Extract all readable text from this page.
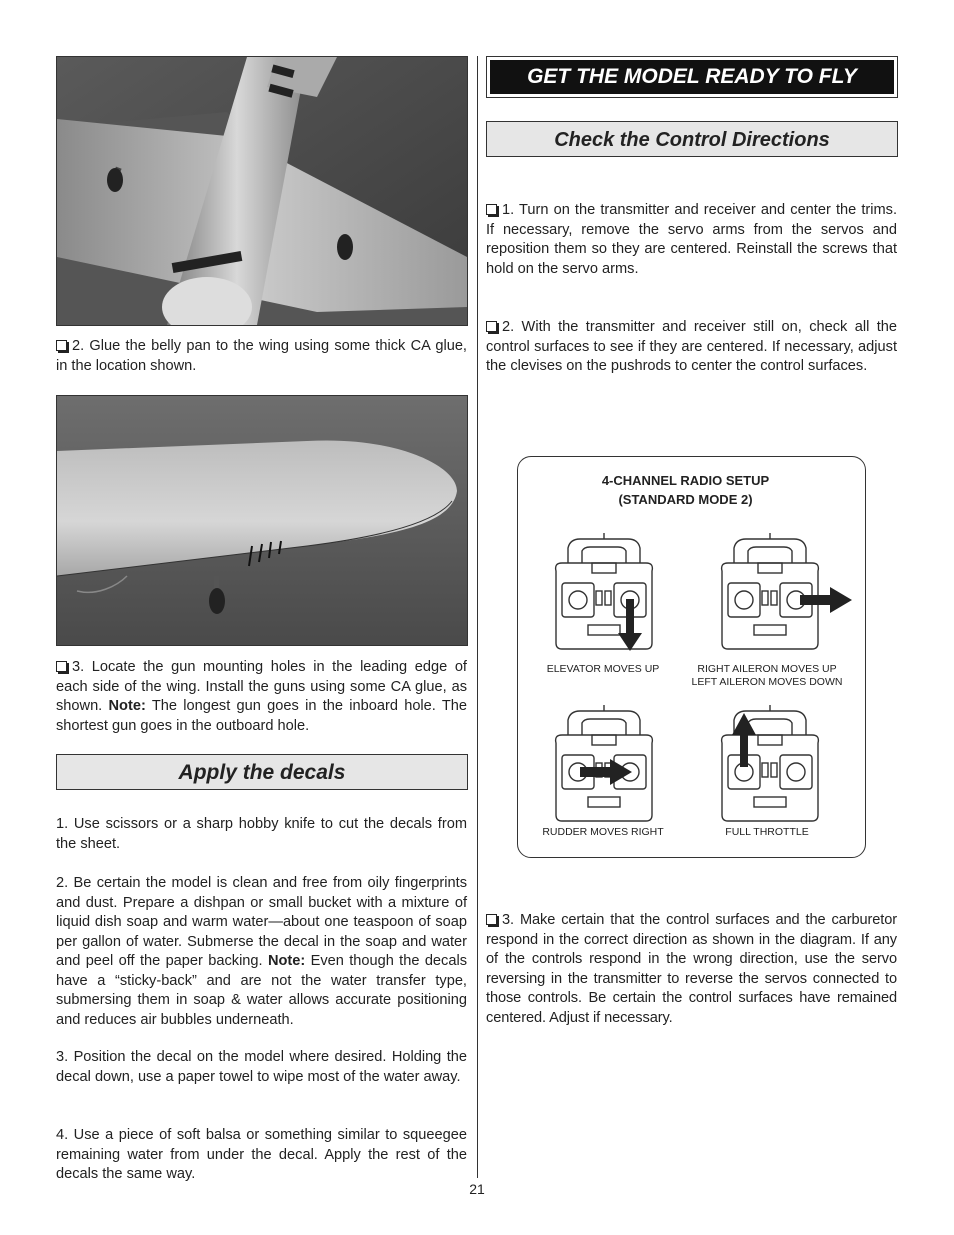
2. Glue the belly pan to the wing using some thick CA glue, in the location shown.

3. Locate the gun mounting holes in the leading edge of each side of the wing. Install the guns using some CA glue, as shown. Note: The longest gun goes in the inboard hole. The shortest gun goes in the outboard hole.

Apply the decals

1. Use scissors or a sharp hobby knife to cut the decals from the sheet.

2. Be certain the model is clean and free from oily fingerprints and dust. Prepare a dishpan or small bucket with a mixture of liquid dish soap and warm water—about one teaspoon of soap per gallon of water. Submerse the decal in the soap and water and peel off the paper backing. Note: Even though the decals have a “sticky-back” and are not the water transfer type, submersing them in soap & water allows accurate positioning and reduces air bubbles underneath.

3. Position the decal on the model where desired. Holding the decal down, use a paper towel to wipe most of the water away.

4. Use a piece of soft balsa or something similar to squeegee remaining water from under the decal. Apply the rest of the decals the same way.

GET THE MODEL READY TO FLY
Check the Control Directions

1. Turn on the transmitter and receiver and center the trims. If necessary, remove the servo arms from the servos and reposition them so they are centered. Reinstall the screws that hold on the servo arms.

2. With the transmitter and receiver still on, check all the control surfaces to see if they are centered. If necessary, adjust the clevises on the pushrods to center the control surfaces.

4-CHANNEL RADIO SETUP
(STANDARD MODE 2)
ELEVATOR MOVES UP	RIGHT AILERON MOVES UP
LEFT AILERON MOVES DOWN
RUDDER MOVES RIGHT	FULL THROTTLE

3. Make certain that the control surfaces and the carburetor respond in the correct direction as shown in the diagram. If any of the controls respond in the wrong direction, use the servo reversing in the transmitter to reverse the servos connected to those controls. Be certain the control surfaces have remained centered. Adjust if necessary.

21
